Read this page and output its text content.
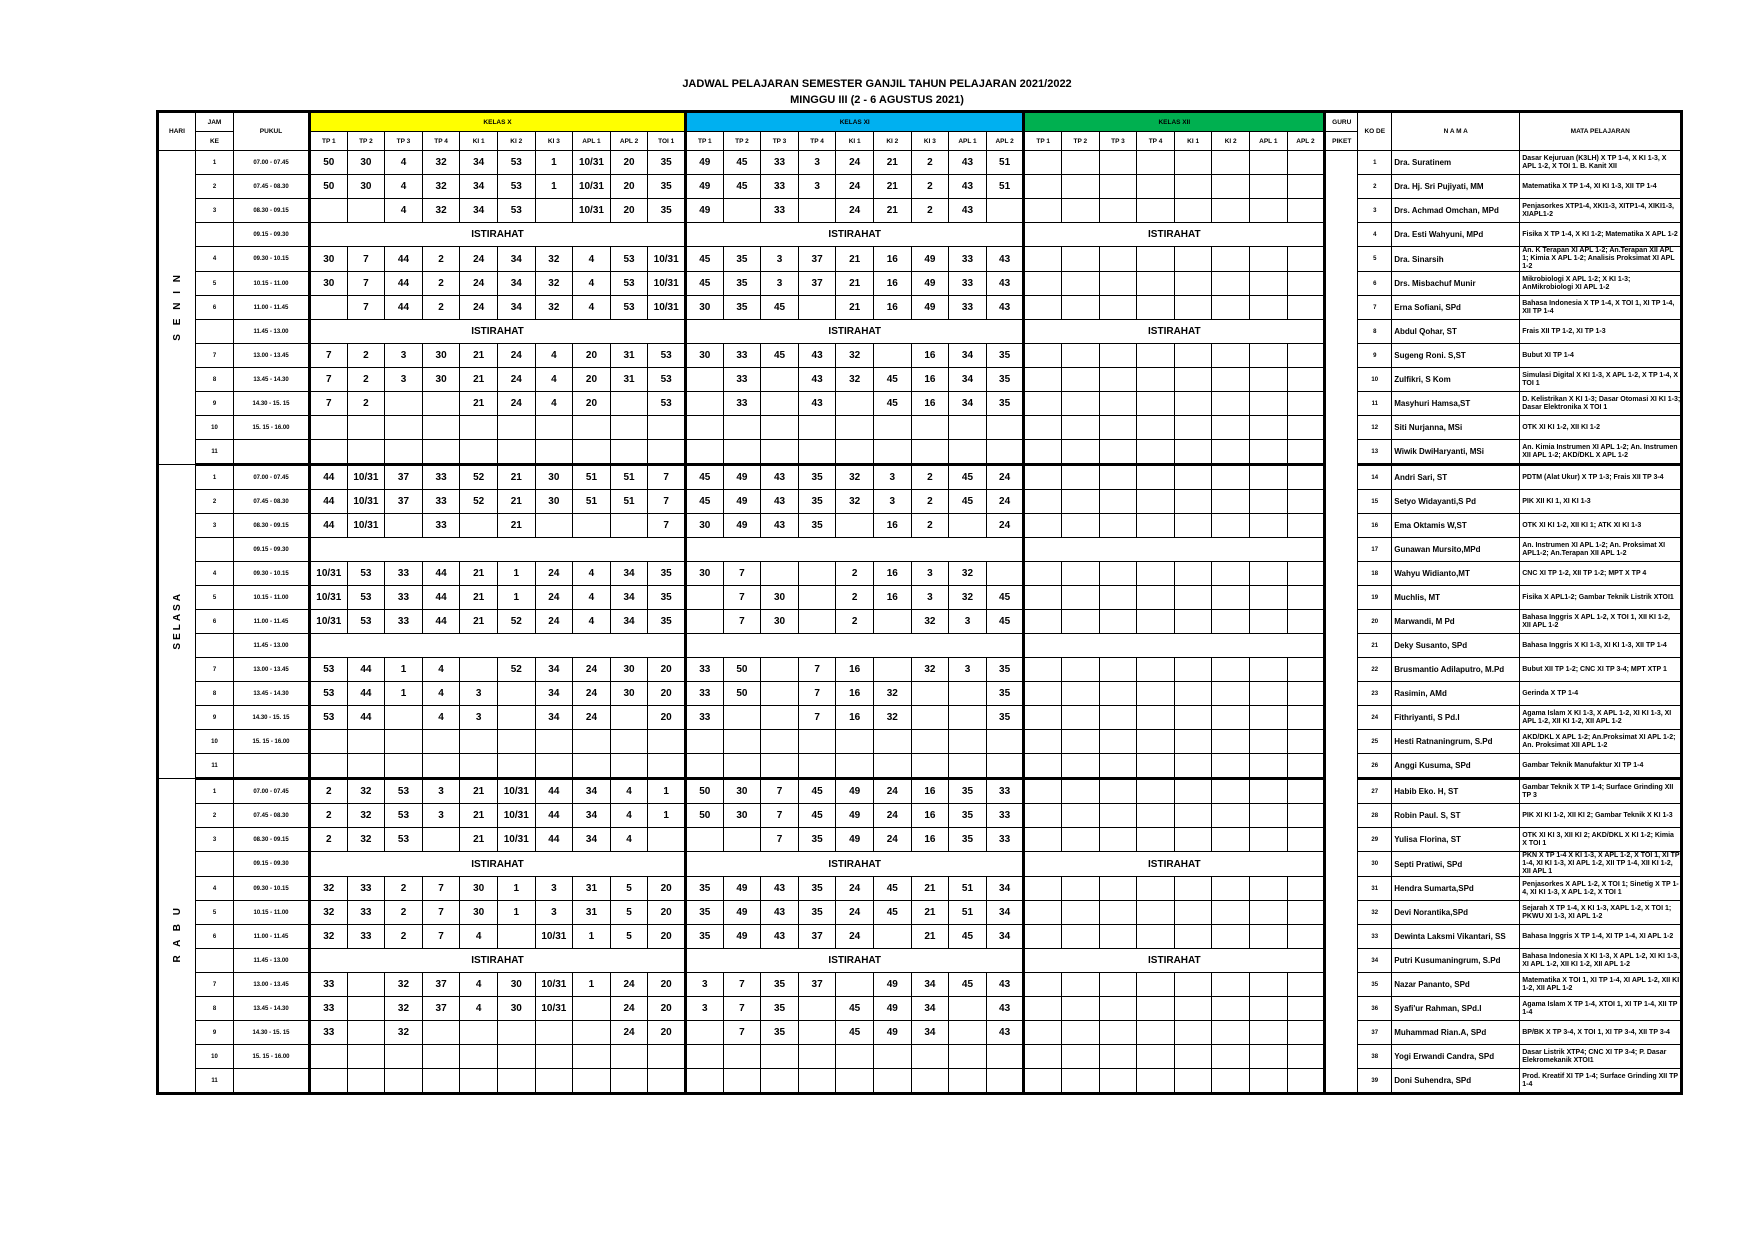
JADWAL PELAJARAN SEMESTER GANJIL TAHUN PELAJARAN 2021/2022
MINGGU III (2 - 6 AGUSTUS 2021)
HARI	JAM	PUKUL	KELAS X										KELAS XI									KELAS XII								GURU	KO DE	N A M A	MATA PELAJARAN
	KE		TP 1	TP 2	TP 3	TP 4	KI 1	KI 2	KI 3	APL 1	APL 2	TOI 1	TP 1	TP 2	TP 3	TP 4	KI 1	KI 2	KI 3	APL 1	APL 2	TP 1	TP 2	TP 3	TP 4	KI 1	KI 2	APL 1	APL 2	PIKET			
S E N I N	1	07.00 - 07.45	50	30	4	32	34	53	1	10/31	20	35	49	45	33	3	24	21	2	43	51										1	Dra. Suratinem	Dasar Kejuruan (K3LH) X TP 1-4, X KI 1-3, X APL 1-2, X TOI 1. B. Kanit XII
	2	07.45 - 08.30	50	30	4	32	34	53	1	10/31	20	35	49	45	33	3	24	21	2	43	51										2	Dra. Hj. Sri Pujiyati, MM	Matematika X TP 1-4, XI KI 1-3, XII TP 1-4
	3	08.30 - 09.15			4	32	34	53		10/31	20	35	49		33		24	21	2	43											3	Drs. Achmad Omchan, MPd	Penjasorkes XTP1-4, XKI1-3, XITP1-4, XIKI1-3, XIAPL1-2
		09.15 - 09.30	ISTIRAHAT										ISTIRAHAT									ISTIRAHAT									4	Dra. Esti Wahyuni, MPd	Fisika X TP 1-4, X KI 1-2; Matematika X APL 1-2
	4	09.30 - 10.15	30	7	44	2	24	34	32	4	53	10/31	45	35	3	37	21	16	49	33	43										5	Dra. Sinarsih	An. K Terapan XI APL 1-2; An.Terapan XII APL 1; Kimia X APL 1-2; Analisis Proksimat XI APL 1-2
	5	10.15 - 11.00	30	7	44	2	24	34	32	4	53	10/31	45	35	3	37	21	16	49	33	43										6	Drs. Misbachuf Munir	Mikrobiologi X APL 1-2; X KI 1-3; AnMikrobiologi XI APL 1-2
	6	11.00 - 11.45		7	44	2	24	34	32	4	53	10/31	30	35	45		21	16	49	33	43										7	Erna Sofiani, SPd	Bahasa Indonesia X TP 1-4, X TOI 1, XI TP 1-4, XII TP 1-4
		11.45 - 13.00	ISTIRAHAT										ISTIRAHAT									ISTIRAHAT									8	Abdul Qohar, ST	Frais XII TP 1-2, XI TP 1-3
	7	13.00 - 13.45	7	2	3	30	21	24	4	20	31	53	30	33	45	43	32		16	34	35										9	Sugeng Roni. S,ST	Bubut XI TP 1-4
	8	13.45 - 14.30	7	2	3	30	21	24	4	20	31	53		33		43	32	45	16	34	35										10	Zulfikri, S Kom	Simulasi Digital X KI 1-3, X APL 1-2, X TP 1-4, X TOI 1
	9	14.30 - 15. 15	7	2			21	24	4	20		53		33		43		45	16	34	35										11	Masyhuri Hamsa,ST	D. Kelistrikan X KI 1-3; Dasar Otomasi XI KI 1-3; Dasar Elektronika X TOI 1
	10	15. 15 - 16.00																													12	Siti Nurjanna, MSi	OTK XI KI 1-2, XII KI 1-2
	11																														13	Wiwik DwiHaryanti, MSi	An. Kimia Instrumen XI APL 1-2; An. Instrumen XII APL 1-2; AKD/DKL X APL 1-2
SELASA	1	07.00 - 07.45	44	10/31	37	33	52	21	30	51	51	7	45	49	43	35	32	3	2	45	24										14	Andri Sari, ST	PDTM (Alat Ukur) X TP 1-3; Frais XII TP 3-4
	2	07.45 - 08.30	44	10/31	37	33	52	21	30	51	51	7	45	49	43	35	32	3	2	45	24										15	Setyo Widayanti,S Pd	PIK XII KI 1, XI KI 1-3
	3	08.30 - 09.15	44	10/31		33		21				7	30	49	43	35		16	2		24										16	Ema Oktamis W,ST	OTK XI KI 1-2, XII KI 1; ATK XI KI 1-3
		09.15 - 09.30																													17	Gunawan Mursito,MPd	An. Instrumen XI APL 1-2; An. Proksimat XI APL1-2; An.Terapan XII APL 1-2
	4	09.30 - 10.15	10/31	53	33	44	21	1	24	4	34	35	30	7			2	16	3	32											18	Wahyu Widianto,MT	CNC XI TP 1-2, XII TP 1-2; MPT X TP 4
	5	10.15 - 11.00	10/31	53	33	44	21	1	24	4	34	35		7	30		2	16	3	32	45										19	Muchlis, MT	Fisika X APL1-2; Gambar Teknik Listrik XTOI1
	6	11.00 - 11.45	10/31	53	33	44	21	52	24	4	34	35		7	30		2		32	3	45										20	Marwandi, M Pd	Bahasa Inggris X APL 1-2, X TOI 1, XII KI 1-2, XII APL 1-2
		11.45 - 13.00																													21	Deky Susanto, SPd	Bahasa Inggris X KI 1-3, XI KI 1-3, XII TP 1-4
	7	13.00 - 13.45	53	44	1	4		52	34	24	30	20	33	50		7	16		32	3	35										22	Brusmantio Adilaputro, M.Pd	Bubut XII TP 1-2; CNC XI TP 3-4; MPT XTP 1
	8	13.45 - 14.30	53	44	1	4	3		34	24	30	20	33	50		7	16	32			35										23	Rasimin, AMd	Gerinda X TP 1-4
	9	14.30 - 15. 15	53	44		4	3		34	24		20	33			7	16	32			35										24	Fithriyanti, S Pd.I	Agama Islam X KI 1-3, X APL 1-2, XI KI 1-3, XI APL 1-2, XII KI 1-2, XII APL 1-2
	10	15. 15 - 16.00																													25	Hesti Ratnaningrum, S.Pd	AKD/DKL X APL 1-2; An.Proksimat XI APL 1-2; An. Proksimat XII APL 1-2
	11																														26	Anggi Kusuma, SPd	Gambar Teknik Manufaktur XI TP 1-4
R A B U	1	07.00 - 07.45	2	32	53	3	21	10/31	44	34	4	1	50	30	7	45	49	24	16	35	33										27	Habib Eko. H, ST	Gambar Teknik X TP 1-4; Surface Grinding XII TP 3
	2	07.45 - 08.30	2	32	53	3	21	10/31	44	34	4	1	50	30	7	45	49	24	16	35	33										28	Robin Paul. S, ST	PIK XI KI 1-2, XII KI 2; Gambar Teknik X KI 1-3
	3	08.30 - 09.15	2	32	53		21	10/31	44	34	4				7	35	49	24	16	35	33										29	Yulisa Florina, ST	OTK XI KI 3, XII KI 2; AKD/DKL X KI 1-2; Kimia X TOI 1
		09.15 - 09.30	ISTIRAHAT										ISTIRAHAT									ISTIRAHAT									30	Septi Pratiwi, SPd	PKN X TP 1-4 X KI 1-3, X APL 1-2, X TOI 1, XI TP 1-4, XI KI 1-3, XI APL 1-2, XII TP 1-4, XII KI 1-2, XII APL 1
	4	09.30 - 10.15	32	33	2	7	30	1	3	31	5	20	35	49	43	35	24	45	21	51	34										31	Hendra Sumarta,SPd	Penjasorkes X APL 1-2, X TOI 1; Sinetig X TP 1-4, XI KI 1-3, X APL 1-2, X TOI 1
	5	10.15 - 11.00	32	33	2	7	30	1	3	31	5	20	35	49	43	35	24	45	21	51	34										32	Devi Norantika,SPd	Sejarah X TP 1-4, X KI 1-3, XAPL 1-2, X TOI 1; PKWU XI 1-3, XI APL 1-2
	6	11.00 - 11.45	32	33	2	7	4		10/31	1	5	20	35	49	43	37	24		21	45	34										33	Dewinta Laksmi Vikantari, SS	Bahasa Inggris X TP 1-4, XI TP 1-4, XI APL 1-2
		11.45 - 13.00	ISTIRAHAT										ISTIRAHAT									ISTIRAHAT									34	Putri Kusumaningrum, S.Pd	Bahasa Indonesia X KI 1-3, X APL 1-2, XI KI 1-3, XI APL 1-2, XII KI 1-2, XII APL 1-2
	7	13.00 - 13.45	33		32	37	4	30	10/31	1	24	20	3	7	35	37		49	34	45	43										35	Nazar Pananto, SPd	Matematika X TOI 1, XI TP 1-4, XI APL 1-2, XII KI 1-2, XII APL 1-2
	8	13.45 - 14.30	33		32	37	4	30	10/31		24	20	3	7	35		45	49	34		43										36	Syafi'ur Rahman, SPd.I	Agama Islam X TP 1-4, XTOI 1, XI TP 1-4, XII TP 1-4
	9	14.30 - 15. 15	33		32						24	20		7	35		45	49	34		43										37	Muhammad Rian.A, SPd	BP/BK X TP 3-4, X TOI 1, XI TP 3-4, XII TP 3-4
	10	15. 15 - 16.00																													38	Yogi Erwandi Candra, SPd	Dasar Listrik XTP4; CNC XI TP 3-4; P. Dasar Elekromekanik XTOI1
	11																														39	Doni Suhendra, SPd	Prod. Kreatif XI TP 1-4; Surface Grinding XII TP 1-4
